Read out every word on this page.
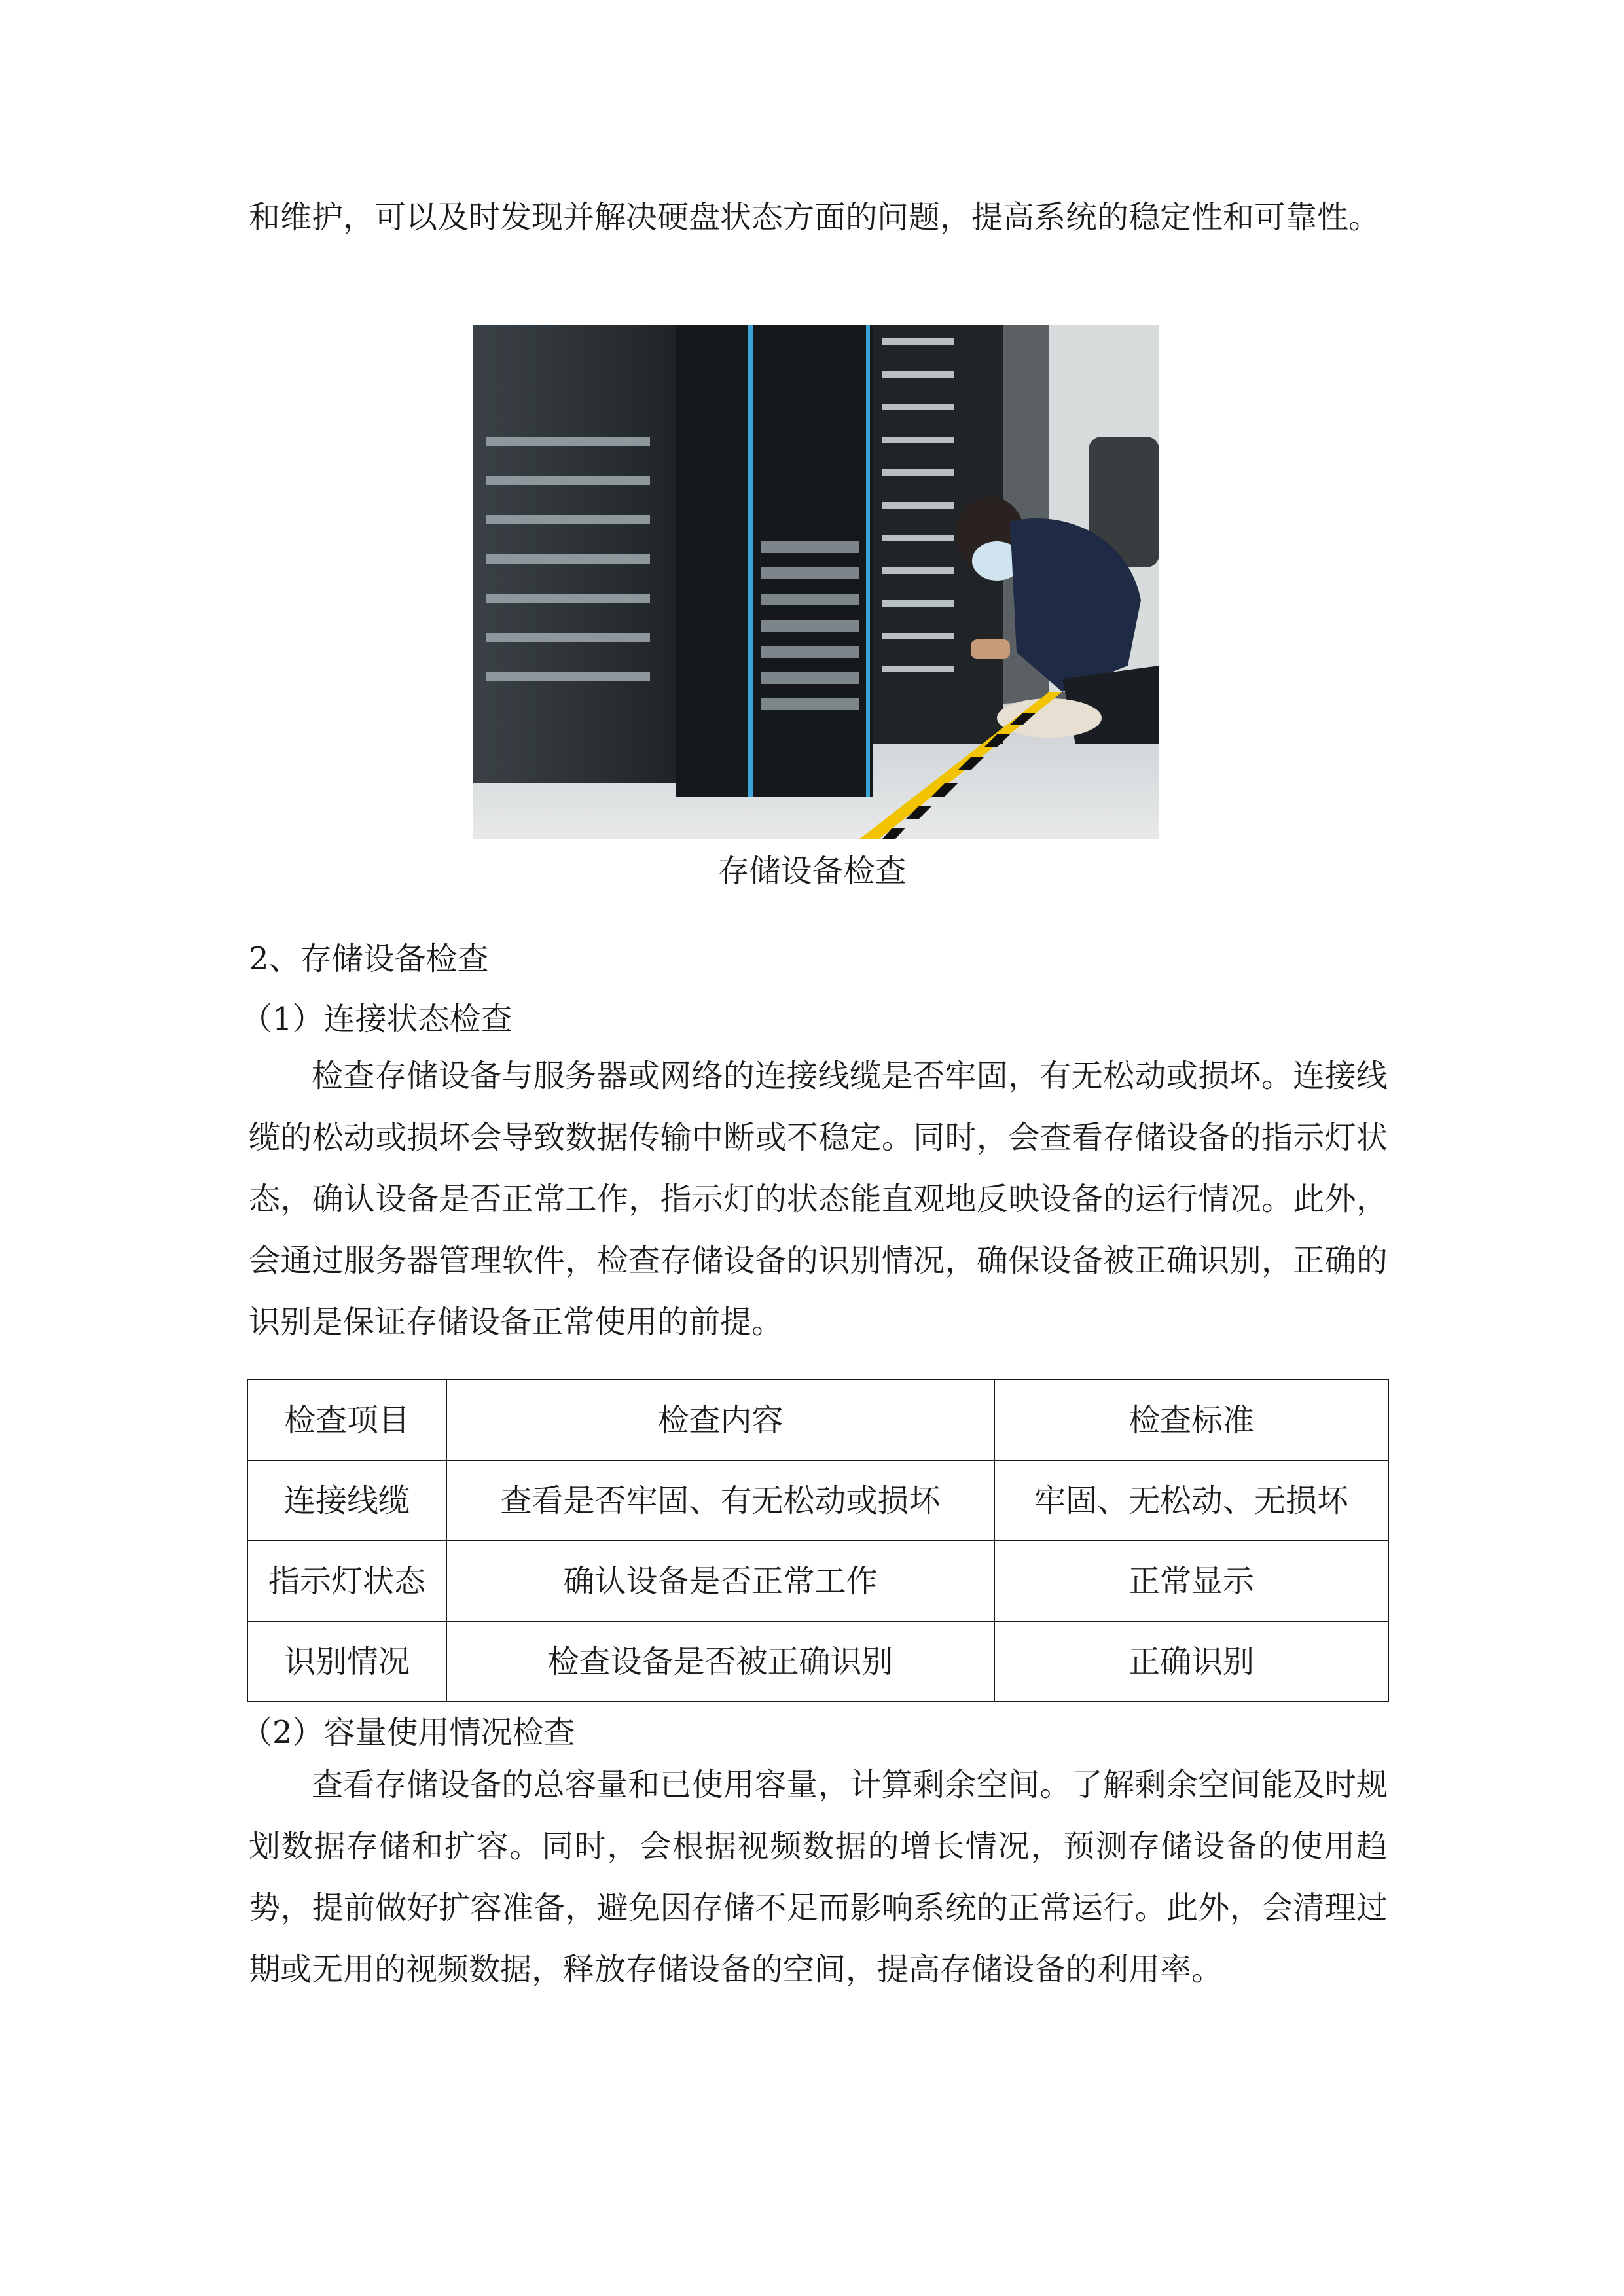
和维护，可以及时发现并解决硬盘状态方面的问题，提高系统的稳定性和可靠性。

存储设备检查

2、存储设备检查

（1）连接状态检查

检查存储设备与服务器或网络的连接线缆是否牢固，有无松动或损坏。连接线缆的松动或损坏会导致数据传输中断或不稳定。同时，会查看存储设备的指示灯状态，确认设备是否正常工作，指示灯的状态能直观地反映设备的运行情况。此外，会通过服务器管理软件，检查存储设备的识别情况，确保设备被正确识别，正确的识别是保证存储设备正常使用的前提。

检查项目	检查内容	检查标准
连接线缆	查看是否牢固、有无松动或损坏	牢固、无松动、无损坏
指示灯状态	确认设备是否正常工作	正常显示
识别情况	检查设备是否被正确识别	正确识别

（2）容量使用情况检查

查看存储设备的总容量和已使用容量，计算剩余空间。了解剩余空间能及时规划数据存储和扩容。同时，会根据视频数据的增长情况，预测存储设备的使用趋势，提前做好扩容准备，避免因存储不足而影响系统的正常运行。此外，会清理过期或无用的视频数据，释放存储设备的空间，提高存储设备的利用率。
